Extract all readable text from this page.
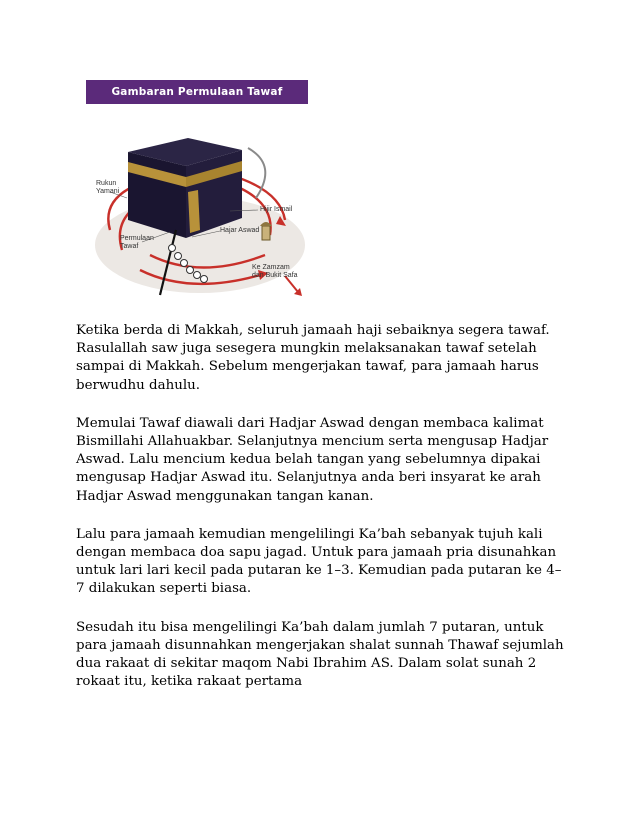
Gambaran Permulaan Tawaf
Rukun
Yamani
Hijir Ismail
Permulaan
Tawaf
Hajar Aswad
Ke Zamzam
dan Bukit Safa

Ketika berda di Makkah, seluruh jamaah haji sebaiknya segera tawaf. Rasulallah saw juga sesegera mungkin melaksanakan tawaf setelah sampai di Makkah. Sebelum mengerjakan tawaf, para jamaah harus berwudhu dahulu.

Memulai Tawaf diawali dari Hadjar Aswad dengan membaca kalimat Bismillahi Allahuakbar. Selanjutnya mencium serta mengusap Hadjar Aswad. Lalu mencium kedua belah tangan yang sebelumnya dipakai mengusap Hadjar Aswad itu. Selanjutnya anda beri insyarat ke arah Hadjar Aswad menggunakan tangan kanan.

Lalu para jamaah kemudian mengelilingi Ka’bah sebanyak tujuh kali dengan membaca doa sapu jagad. Untuk para jamaah pria disunahkan untuk lari lari kecil pada putaran ke 1–3. Kemudian pada putaran ke 4–7 dilakukan seperti biasa.

Sesudah itu bisa mengelilingi Ka’bah dalam jumlah 7 putaran, untuk para jamaah disunnahkan mengerjakan shalat sunnah Thawaf sejumlah dua rakaat di sekitar maqom Nabi Ibrahim AS. Dalam solat sunah 2 rokaat itu, ketika rakaat pertama
